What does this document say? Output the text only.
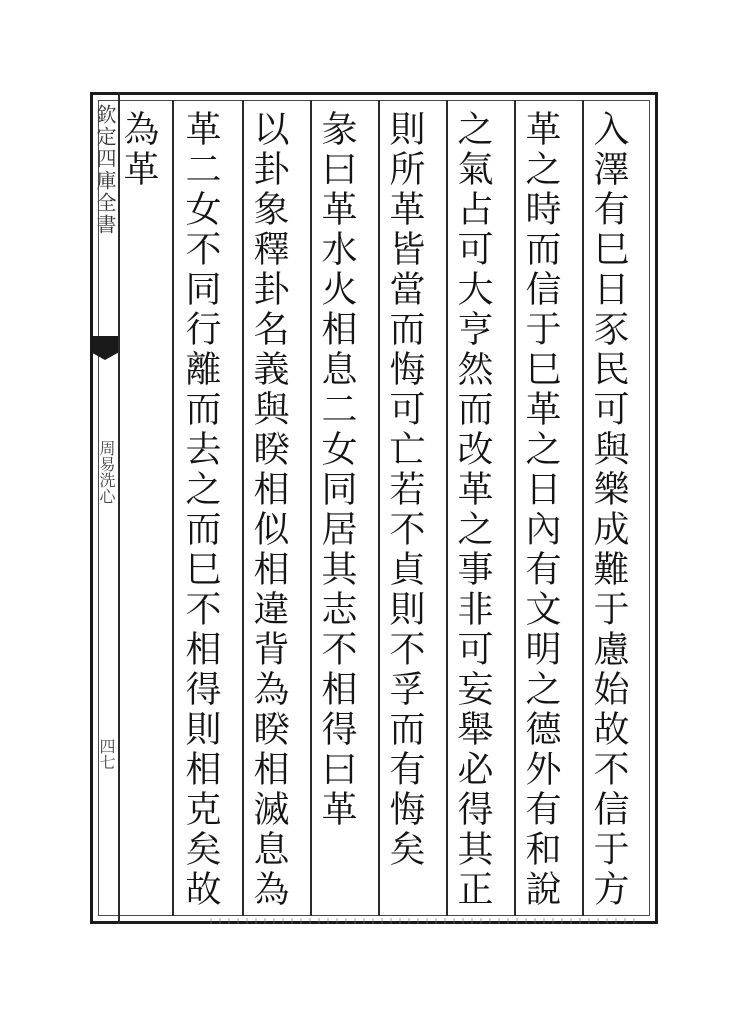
欽定四庫全書
周易洗心
四七	入澤有巳日豕民可與樂成難于慮始故不信于方
革之時而信于巳革之日內有文明之德外有和說
之氣占可大亨然而改革之事非可妄舉必得其正
則所革皆當而悔可亡若不貞則不孚而有悔矣
彖曰革水火相息二女同居其志不相得曰革
以卦象釋卦名義與睽相似相違背為睽相滅息為
革二女不同行離而去之而巳不相得則相克矣故
為革
